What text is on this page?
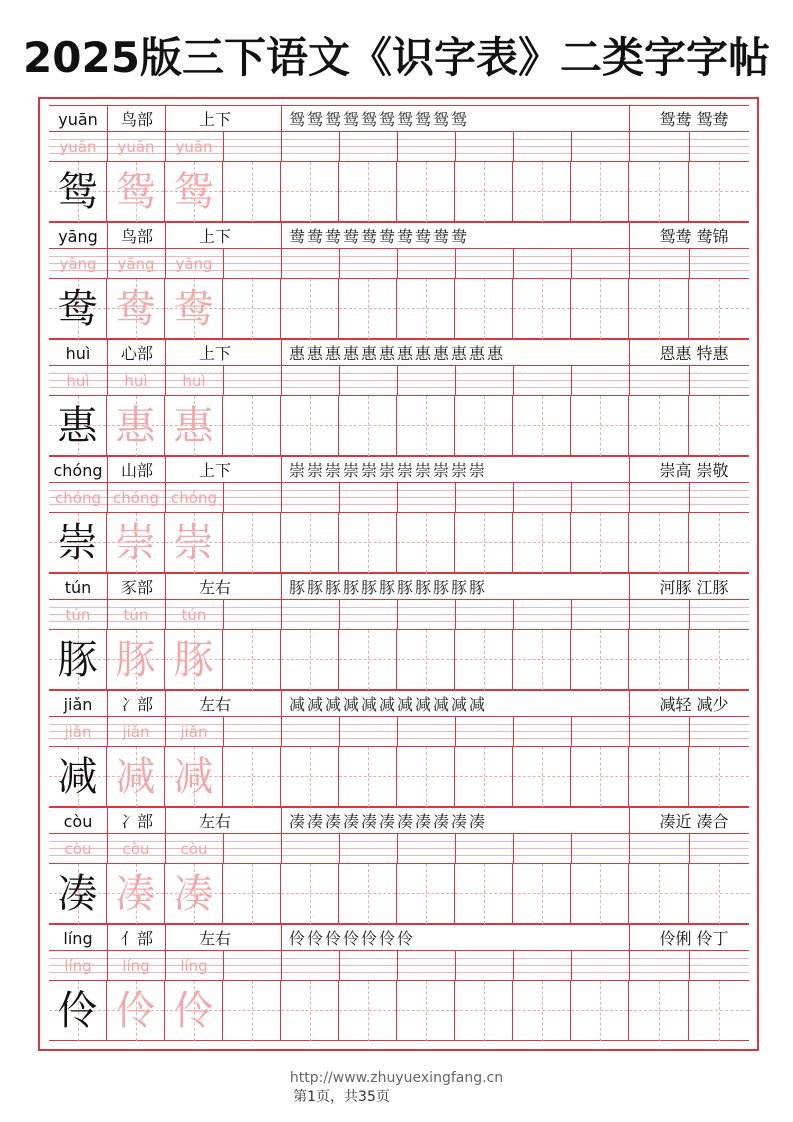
2025版三下语文《识字表》二类字字帖
yuān	鸟部	上下	鸳鸳鸳鸳鸳鸳鸳鸳鸳鸳	鸳鸯 鸳鸯
yuān	yuān	yuān
鸳 鸳 鸳
yāng	鸟部	上下	鸯鸯鸯鸯鸯鸯鸯鸯鸯鸯	鸳鸯 鸯锦
yāng	yāng	yāng
鸯 鸯 鸯
huì	心部	上下	惠惠惠惠惠惠惠惠惠惠惠惠	恩惠 特惠
huì	huì	huì
惠 惠 惠
chóng	山部	上下	崇崇崇崇崇崇崇崇崇崇崇	崇高 崇敬
chóng chóng chóng
崇 崇 崇
tún	豕部	左右	豚豚豚豚豚豚豚豚豚豚豚	河豚 江豚
tún	tún	tún
豚 豚 豚
jiǎn	冫部	左右	减减减减减减减减减减减	减轻 减少
jiǎn	jiǎn	jiǎn
减 减 减
còu	冫部	左右	凑凑凑凑凑凑凑凑凑凑凑	凑近 凑合
còu	còu	còu
凑 凑 凑
líng	亻部	左右	伶伶伶伶伶伶伶	伶俐 伶丁
líng	líng	líng
伶 伶 伶
http://www.zhuyuexingfang.cn
第1页，共35页
